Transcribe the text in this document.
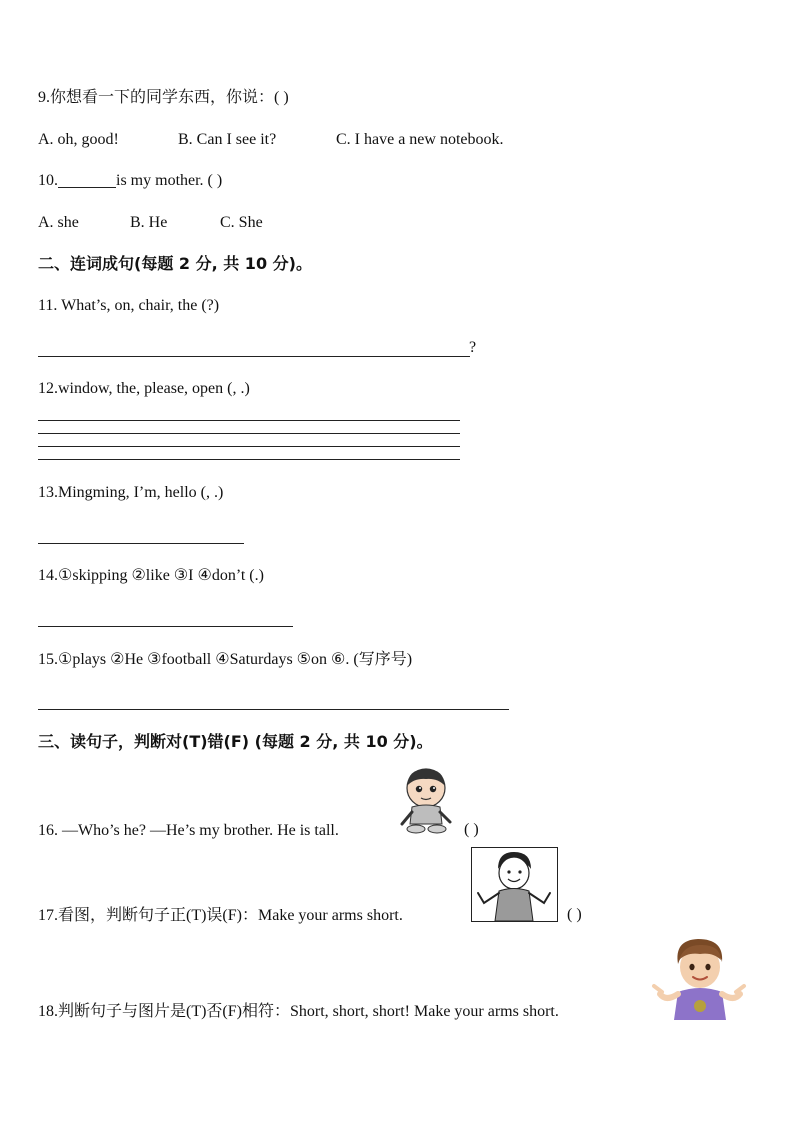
9.你想看一下的同学东西，你说：( )
A. oh, good!	B. Can I see it?	C. I have a new notebook.
10.	is my mother. ( )
A. she	B. He	C. She
二、连词成句(每题 2 分, 共 10 分)。
11. What’s, on, chair, the (?)
?
12.window, the, please, open (, .)
13.Mingming, I’m, hello (, .)
14.①skipping ②like ③I ④don’t (.)
15.①plays ②He ③football ④Saturdays ⑤on ⑥. (写序号)
三、读句子，判断对(T)错(F) (每题 2 分, 共 10 分)。
16. —Who’s he? —He’s my brother. He is tall.	( )
17.看图，判断句子正(T)误(F)：Make your arms short.	( )
18.判断句子与图片是(T)否(F)相符：Short, short, short! Make your arms short.
